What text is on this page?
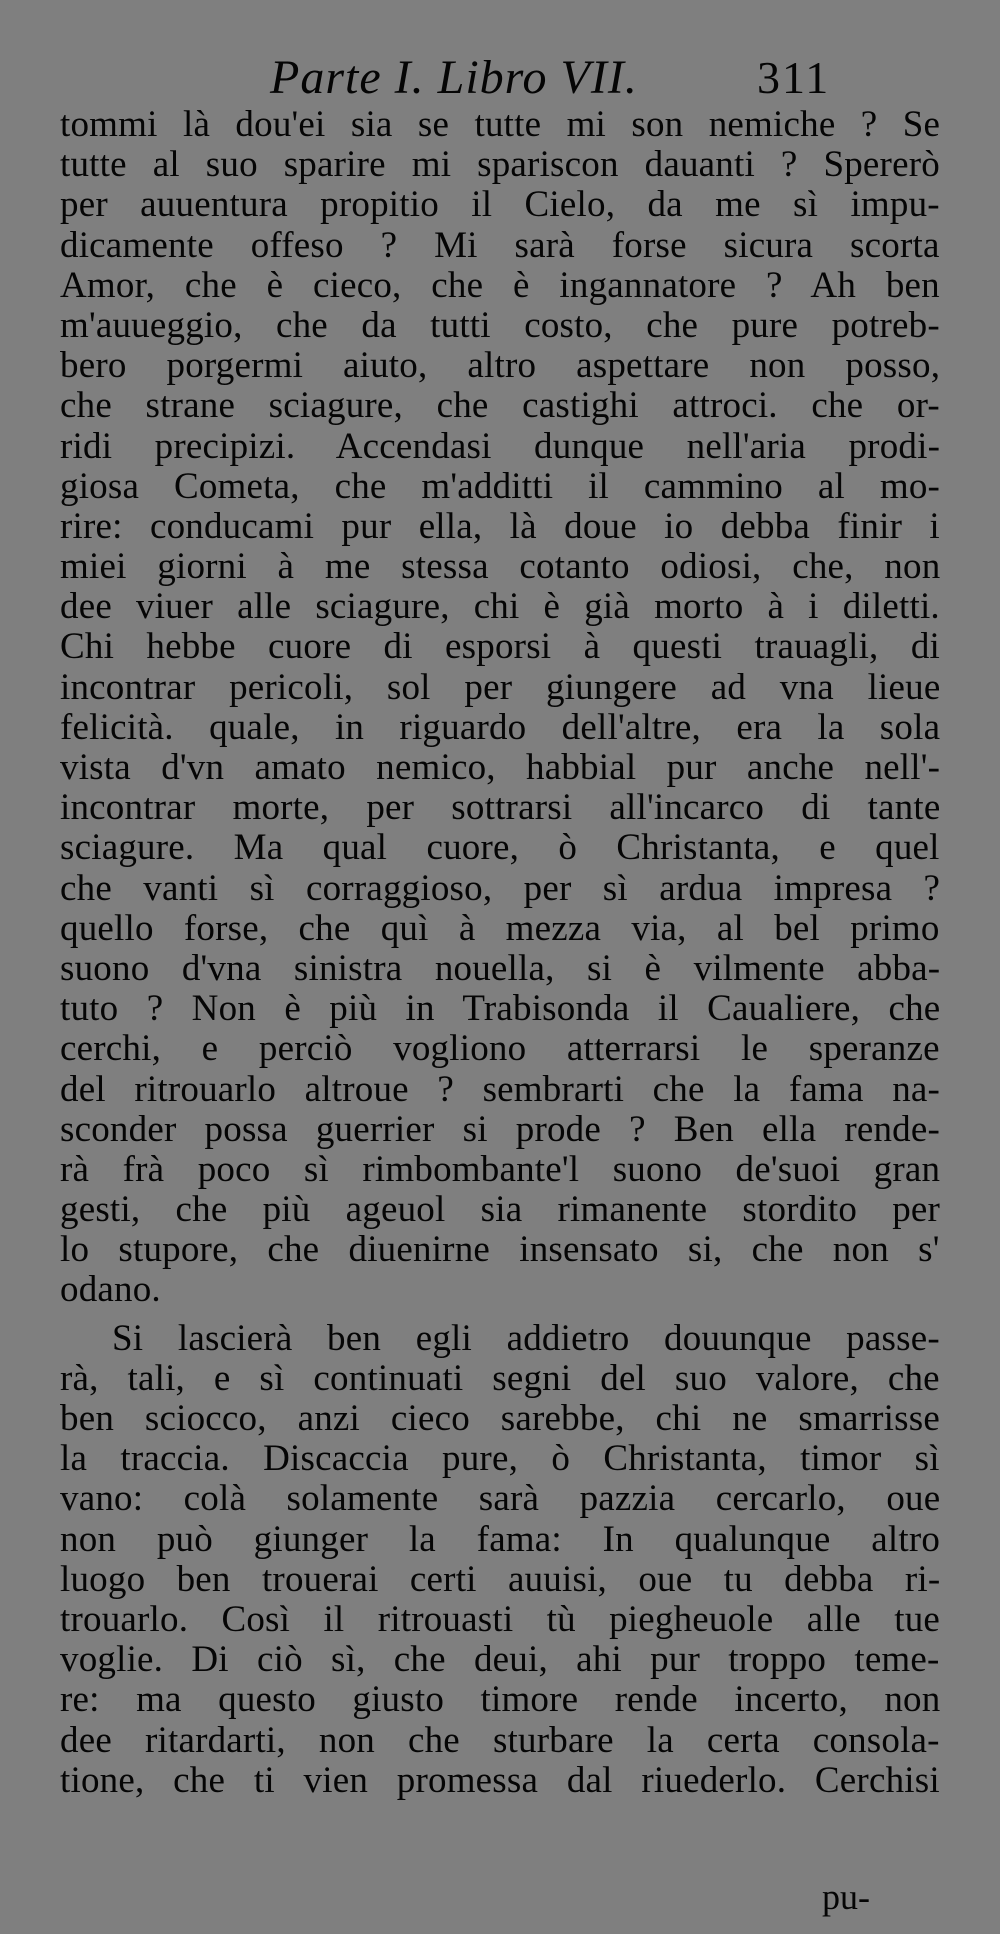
Parte I. Libro VII.	311
tommi là dou'ei sia se tutte mi son nemiche ? Se
tutte al suo sparire mi spariscon dauanti ? Spererò
per auuentura propitio il Cielo, da me sì impu-
dicamente offeso ? Mi sarà forse sicura scorta
Amor, che è cieco, che è ingannatore ? Ah ben
m'auueggio, che da tutti costo, che pure potreb-
bero porgermi aiuto, altro aspettare non posso,
che strane sciagure, che castighi attroci. che or-
ridi precipizi. Accendasi dunque nell'aria prodi-
giosa Cometa, che m'additti il cammino al mo-
rire: conducami pur ella, là doue io debba finir i
miei giorni à me stessa cotanto odiosi, che, non
dee viuer alle sciagure, chi è già morto à i diletti.
Chi hebbe cuore di esporsi à questi trauagli, di
incontrar pericoli, sol per giungere ad vna lieue
felicità. quale, in riguardo dell'altre, era la sola
vista d'vn amato nemico, habbial pur anche nell'-
incontrar morte, per sottrarsi all'incarco di tante
sciagure. Ma qual cuore, ò Christanta, e quel
che vanti sì corraggioso, per sì ardua impresa ?
quello forse, che quì à mezza via, al bel primo
suono d'vna sinistra nouella, si è vilmente abba-
tuto ? Non è più in Trabisonda il Caualiere, che
cerchi, e perciò vogliono atterrarsi le speranze
del ritrouarlo altroue ? sembrarti che la fama na-
sconder possa guerrier si prode ? Ben ella rende-
rà frà poco sì rimbombante'l suono de'suoi gran
gesti, che più ageuol sia rimanente stordito per
lo stupore, che diuenirne insensato si, che non s'
odano.
Si lascierà ben egli addietro douunque passe-
rà, tali, e sì continuati segni del suo valore, che
ben sciocco, anzi cieco sarebbe, chi ne smarrisse
la traccia. Discaccia pure, ò Christanta, timor sì
vano: colà solamente sarà pazzia cercarlo, oue
non può giunger la fama: In qualunque altro
luogo ben trouerai certi auuisi, oue tu debba ri-
trouarlo. Così il ritrouasti tù piegheuole alle tue
voglie. Di ciò sì, che deui, ahi pur troppo teme-
re: ma questo giusto timore rende incerto, non
dee ritardarti, non che sturbare la certa consola-
tione, che ti vien promessa dal riuederlo. Cerchisi
pu-
